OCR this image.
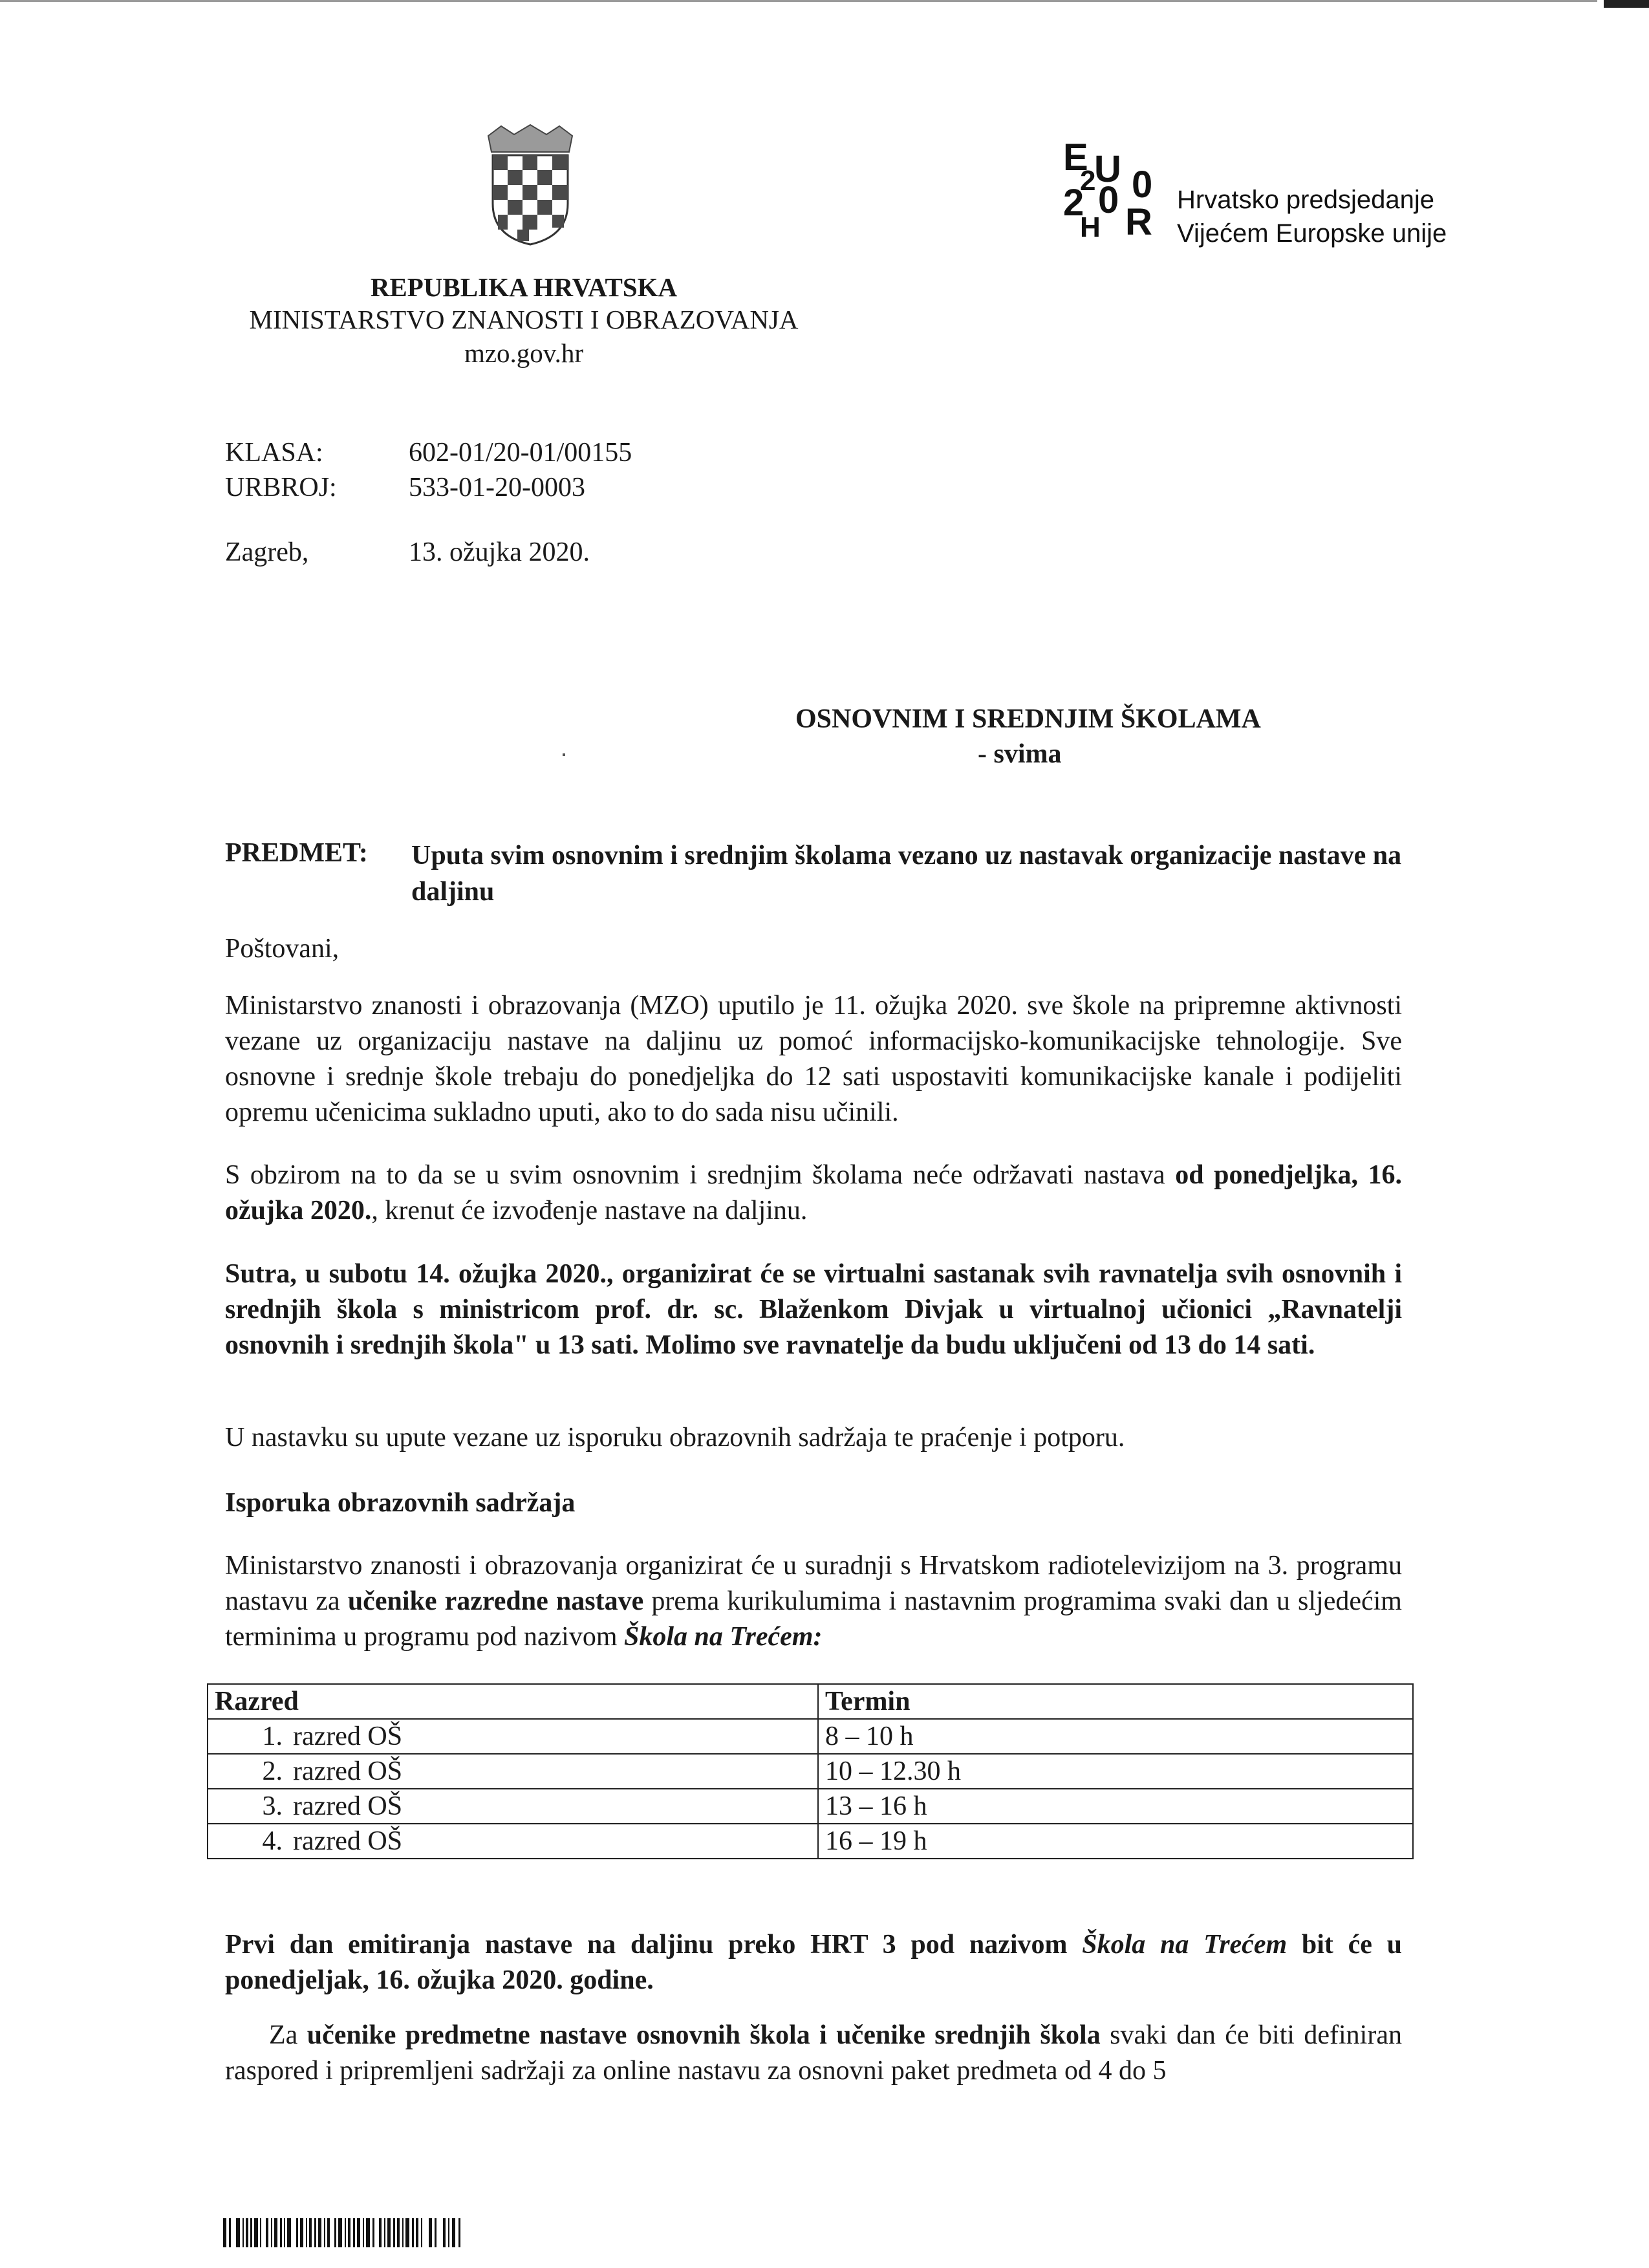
E U
2 0
2 0
H R
Hrvatsko predsjedanje
Vijećem Europske unije
REPUBLIKA HRVATSKA
MINISTARSTVO ZNANOSTI I OBRAZOVANJA
mzo.gov.hr
KLASA:	602-01/20-01/00155
URBROJ:	533-01-20-0003
Zagreb,	13. ožujka 2020.
OSNOVNIM I SREDNJIM ŠKOLAMA
- svima
PREDMET: Uputa svim osnovnim i srednjim školama vezano uz nastavak organizacije nastave na daljinu
Poštovani,
Ministarstvo znanosti i obrazovanja (MZO) uputilo je 11. ožujka 2020. sve škole na pripremne aktivnosti vezane uz organizaciju nastave na daljinu uz pomoć informacijsko-komunikacijske tehnologije. Sve osnovne i srednje škole trebaju do ponedjeljka do 12 sati uspostaviti komunikacijske kanale i podijeliti opremu učenicima sukladno uputi, ako to do sada nisu učinili.
S obzirom na to da se u svim osnovnim i srednjim školama neće održavati nastava od ponedjeljka, 16. ožujka 2020., krenut će izvođenje nastave na daljinu.
Sutra, u subotu 14. ožujka 2020., organizirat će se virtualni sastanak svih ravnatelja svih osnovnih i srednjih škola s ministricom prof. dr. sc. Blaženkom Divjak u virtualnoj učionici „Ravnatelji osnovnih i srednjih škola" u 13 sati. Molimo sve ravnatelje da budu uključeni od 13 do 14 sati.
U nastavku su upute vezane uz isporuku obrazovnih sadržaja te praćenje i potporu.
Isporuka obrazovnih sadržaja
Ministarstvo znanosti i obrazovanja organizirat će u suradnji s Hrvatskom radiotelevizijom na 3. programu nastavu za učenike razredne nastave prema kurikulumima i nastavnim programima svaki dan u sljedećim terminima u programu pod nazivom Škola na Trećem:
Razred	Termin
1. razred OŠ	8 – 10 h
2. razred OŠ	10 – 12.30 h
3. razred OŠ	13 – 16 h
4. razred OŠ	16 – 19 h
Prvi dan emitiranja nastave na daljinu preko HRT 3 pod nazivom Škola na Trećem bit će u ponedjeljak, 16. ožujka 2020. godine.
Za učenike predmetne nastave osnovnih škola i učenike srednjih škola svaki dan će biti definiran raspored i pripremljeni sadržaji za online nastavu za osnovni paket predmeta od 4 do 5
